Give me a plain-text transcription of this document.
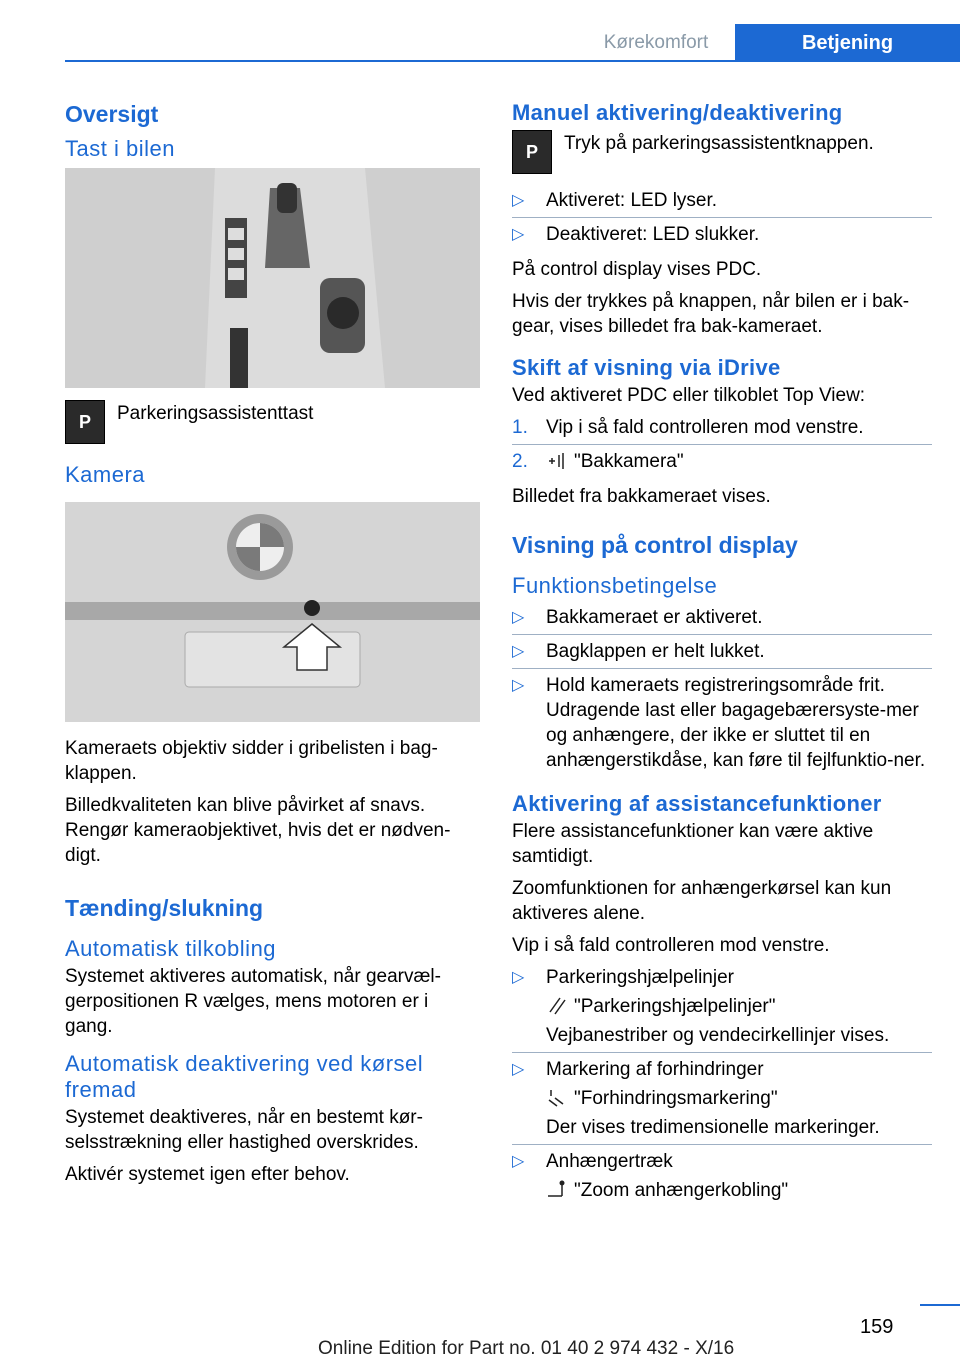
Kørekomfort	Betjening
Oversigt
Tast i bilen
P	Parkeringsassistenttast
Kamera

Kameraets objektiv sidder i gribelisten i bag-klappen.

Billedkvaliteten kan blive påvirket af snavs. Rengør kameraobjektivet, hvis det er nødven-digt.

Tænding/slukning
Automatisk tilkobling

Systemet aktiveres automatisk, når gearvæl-gerpositionen R vælges, mens motoren er i gang.

Automatisk deaktivering ved kørsel fremad

Systemet deaktiveres, når en bestemt kør-selsstrækning eller hastighed overskrides.

Aktivér systemet igen efter behov.

Manuel aktivering/deaktivering
P	Tryk på parkeringsassistentknappen.
▷ Aktiveret: LED lyser.
▷ Deaktiveret: LED slukker.

På control display vises PDC.

Hvis der trykkes på knappen, når bilen er i bak-gear, vises billedet fra bak-kameraet.

Skift af visning via iDrive

Ved aktiveret PDC eller tilkoblet Top View:

1. Vip i så fald controlleren mod venstre.
2. "Bakkamera"

Billedet fra bakkameraet vises.

Visning på control display
Funktionsbetingelse
▷ Bakkameraet er aktiveret.
▷ Bagklappen er helt lukket.
▷ Hold kameraets registreringsområde frit. Udragende last eller bagagebærersyste-mer og anhængere, der ikke er sluttet til en anhængerstikdåse, kan føre til fejlfunktio-ner.
Aktivering af assistancefunktioner

Flere assistancefunktioner kan være aktive samtidigt.

Zoomfunktionen for anhængerkørsel kan kun aktiveres alene.

Vip i så fald controlleren mod venstre.

▷ Parkeringshjælpelinjer
"Parkeringshjælpelinjer"
Vejbanestriber og vendecirkellinjer vises.
▷ Markering af forhindringer
"Forhindringsmarkering"
Der vises tredimensionelle markeringer.
▷ Anhængertræk
"Zoom anhængerkobling"
159
Online Edition for Part no. 01 40 2 974 432 - X/16
